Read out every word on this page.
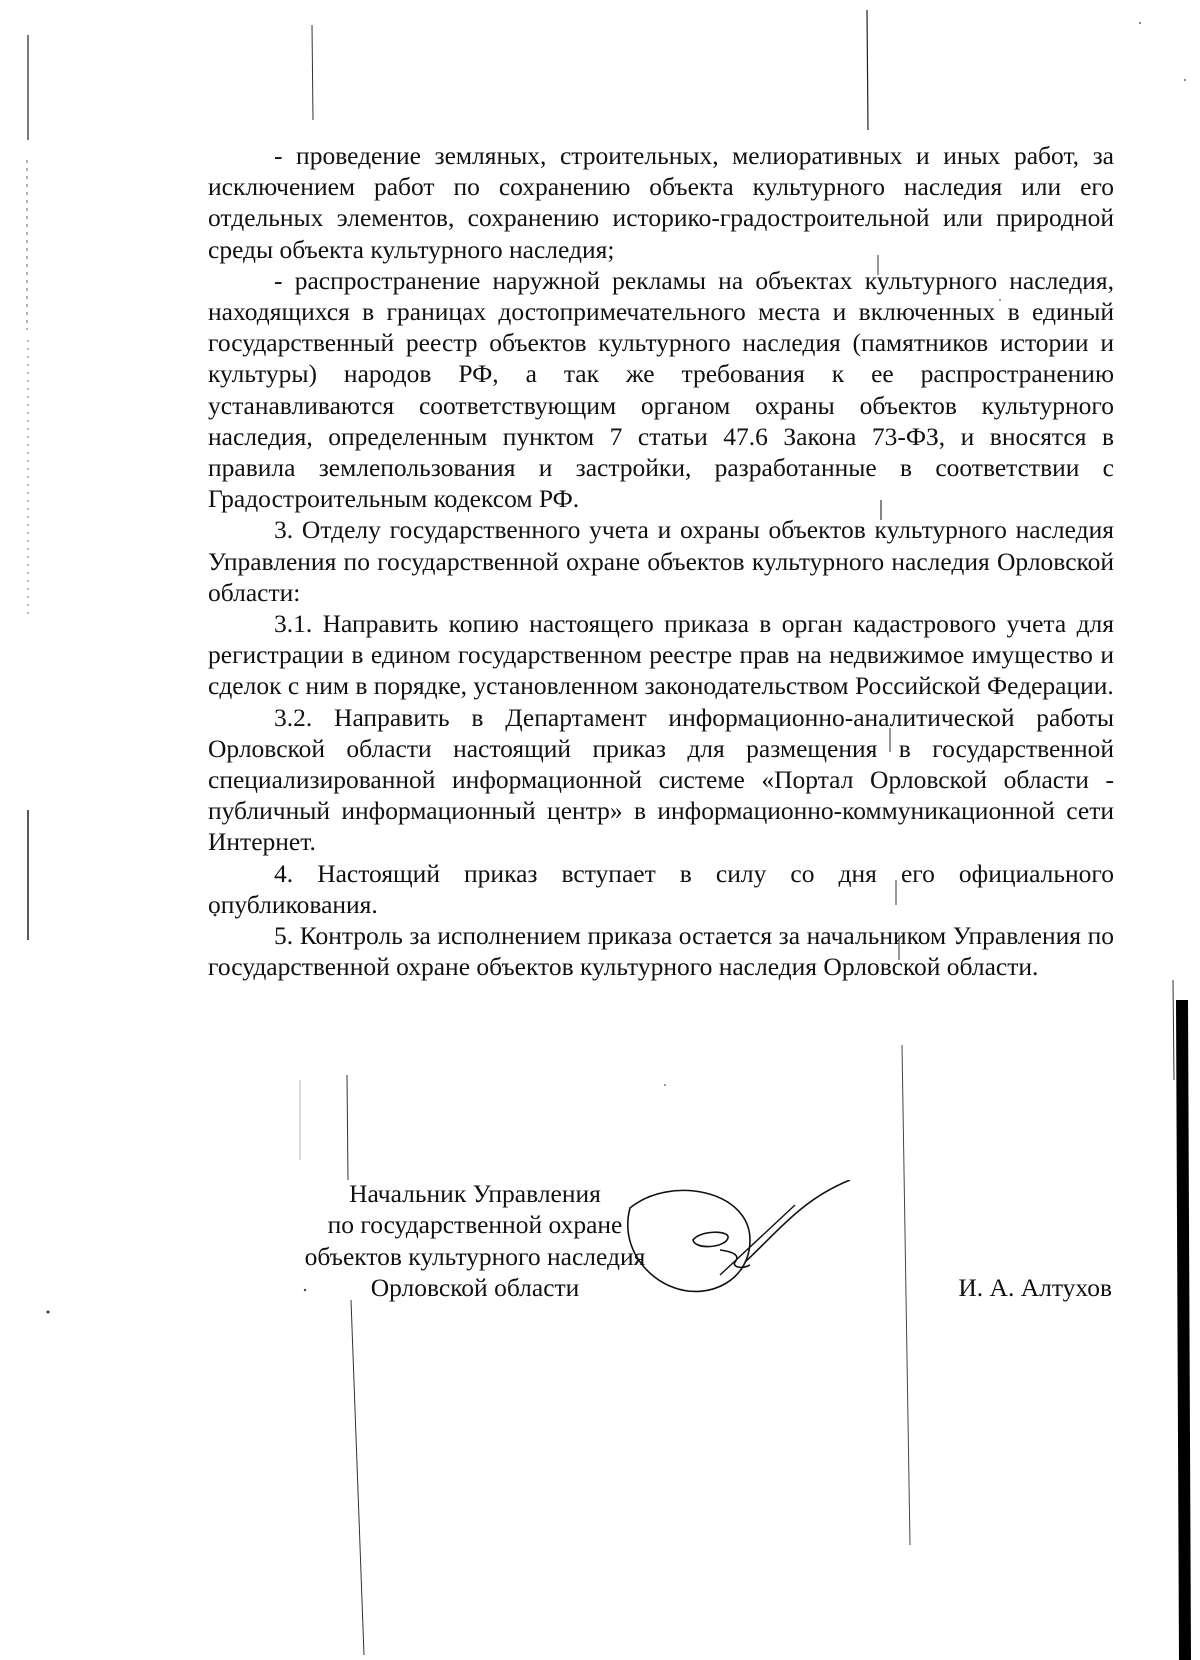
- проведение земляных, строительных, мелиоративных и иных работ, за исключением работ по сохранению объекта культурного наследия или его отдельных элементов, сохранению историко-градостроительной или природной среды объекта культурного наследия;

- распространение наружной рекламы на объектах культурного наследия, находящихся в границах достопримечательного места и включенных в единый государственный реестр объектов культурного наследия (памятников истории и культуры) народов РФ, а так же требования к ее распространению устанавливаются соответствующим органом охраны объектов культурного наследия, определенным пунктом 7 статьи 47.6 Закона 73-ФЗ, и вносятся в правила землепользования и застройки, разработанные в соответствии с Градостроительным кодексом РФ.

3. Отделу государственного учета и охраны объектов культурного наследия Управления по государственной охране объектов культурного наследия Орловской области:

3.1. Направить копию настоящего приказа в орган кадастрового учета для регистрации в едином государственном реестре прав на недвижимое имущество и сделок с ним в порядке, установленном законодательством Российской Федерации.

3.2. Направить в Департамент информационно-аналитической работы Орловской области настоящий приказ для размещения в государственной специализированной информационной системе «Портал Орловской области - публичный информационный центр» в информационно-коммуникационной сети Интернет.

4. Настоящий приказ вступает в силу со дня его официального опубликования.

5. Контроль за исполнением приказа остается за начальником Управления по государственной охране объектов культурного наследия Орловской области.

Начальник Управления
по государственной охране
объектов культурного наследия
Орловской области	И. А. Алтухов
